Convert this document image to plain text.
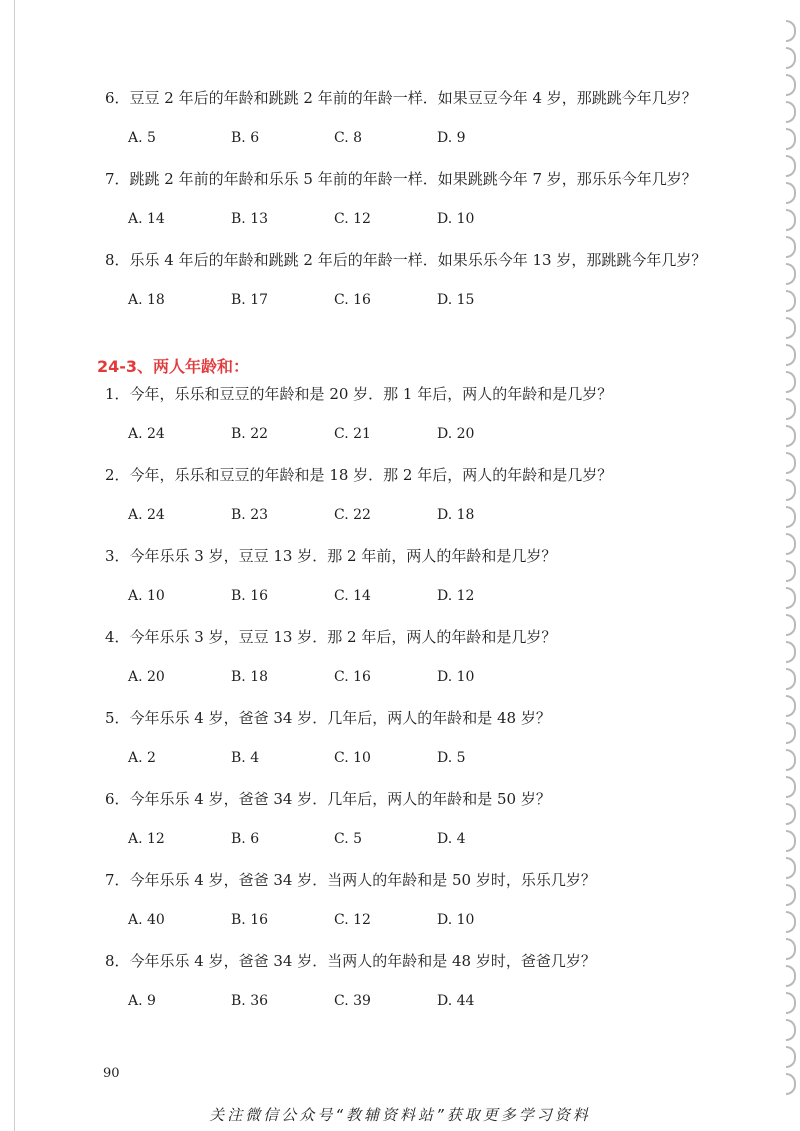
6．豆豆 2 年后的年龄和跳跳 2 年前的年龄一样．如果豆豆今年 4 岁，那跳跳今年几岁？
A. 5	B. 6	C. 8	D. 9
7．跳跳 2 年前的年龄和乐乐 5 年前的年龄一样．如果跳跳今年 7 岁，那乐乐今年几岁？
A. 14	B. 13	C. 12	D. 10
8．乐乐 4 年后的年龄和跳跳 2 年后的年龄一样．如果乐乐今年 13 岁，那跳跳今年几岁？
A. 18	B. 17	C. 16	D. 15
24-3、两人年龄和：
1．今年，乐乐和豆豆的年龄和是 20 岁．那 1 年后，两人的年龄和是几岁？
A. 24	B. 22	C. 21	D. 20
2．今年，乐乐和豆豆的年龄和是 18 岁．那 2 年后，两人的年龄和是几岁？
A. 24	B. 23	C. 22	D. 18
3．今年乐乐 3 岁，豆豆 13 岁．那 2 年前，两人的年龄和是几岁？
A. 10	B. 16	C. 14	D. 12
4．今年乐乐 3 岁，豆豆 13 岁．那 2 年后，两人的年龄和是几岁？
A. 20	B. 18	C. 16	D. 10
5．今年乐乐 4 岁，爸爸 34 岁．几年后，两人的年龄和是 48 岁？
A. 2	B. 4	C. 10	D. 5
6．今年乐乐 4 岁，爸爸 34 岁．几年后，两人的年龄和是 50 岁？
A. 12	B. 6	C. 5	D. 4
7．今年乐乐 4 岁，爸爸 34 岁．当两人的年龄和是 50 岁时，乐乐几岁？
A. 40	B. 16	C. 12	D. 10
8．今年乐乐 4 岁，爸爸 34 岁．当两人的年龄和是 48 岁时，爸爸几岁？
A. 9	B. 36	C. 39	D. 44
90
关注微信公众号“教辅资料站”获取更多学习资料
